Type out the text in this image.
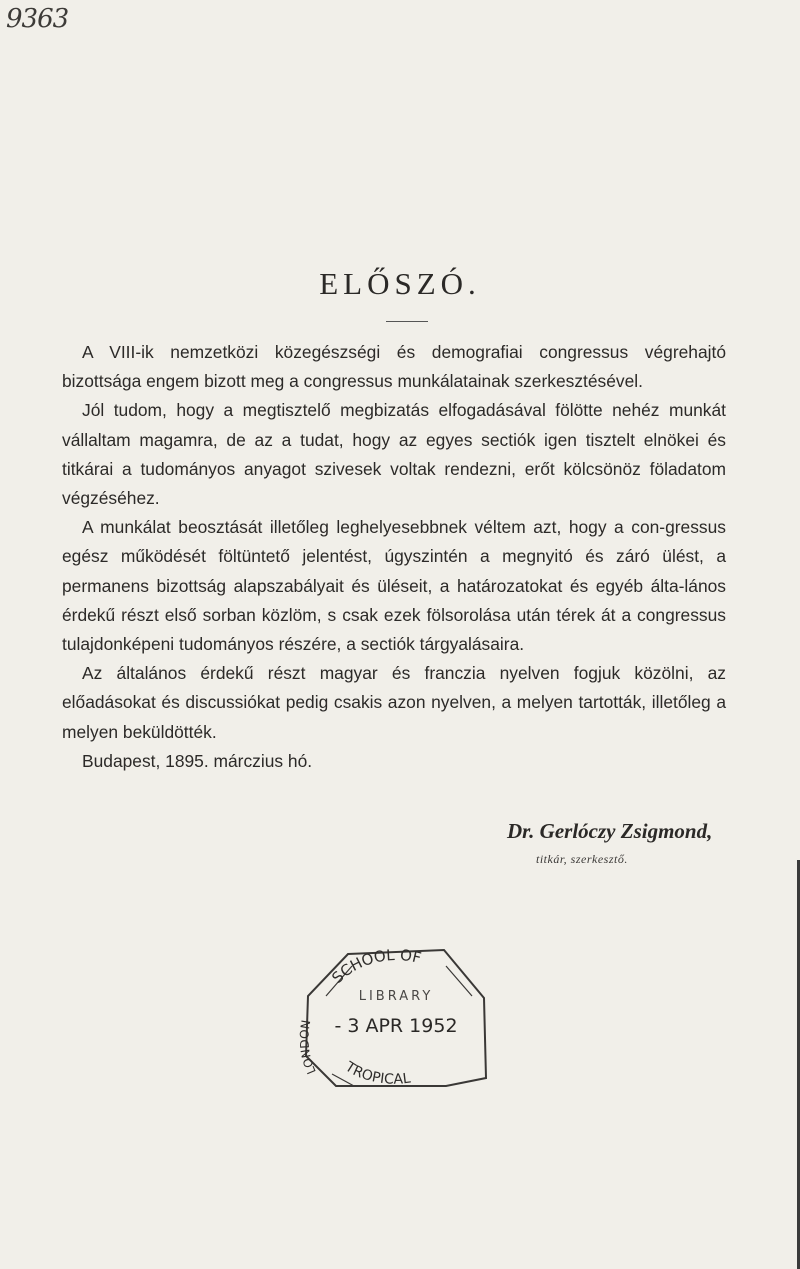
9363
ELŐSZÓ.

A VIII-ik nemzetközi közegészségi és demografiai congressus végrehajtó bizottsága engem bizott meg a congressus munkálatainak szerkesztésével.

Jól tudom, hogy a megtisztelő megbizatás elfogadásával fölötte nehéz munkát vállaltam magamra, de az a tudat, hogy az egyes sectiók igen tisztelt elnökei és titkárai a tudományos anyagot szivesek voltak rendezni, erőt kölcsönöz föladatom végzéséhez.

A munkálat beosztását illetőleg leghelyesebbnek véltem azt, hogy a con-gressus egész működését föltüntető jelentést, úgyszintén a megnyitó és záró ülést, a permanens bizottság alapszabályait és üléseit, a határozatokat és egyéb álta-lános érdekű részt első sorban közlöm, s csak ezek fölsorolása után térek át a congressus tulajdonképeni tudományos részére, a sectiók tárgyalásaira.

Az általános érdekű részt magyar és franczia nyelven fogjuk közölni, az előadásokat és discussiókat pedig csakis azon nyelven, a melyen tartották, illetőleg a melyen beküldötték.

Budapest, 1895. márczius hó.

Dr. Gerlóczy Zsigmond,
titkár, szerkesztő.
SCHOOL OF
LONDON
TROPICAL
LIBRARY
- 3 APR 1952
